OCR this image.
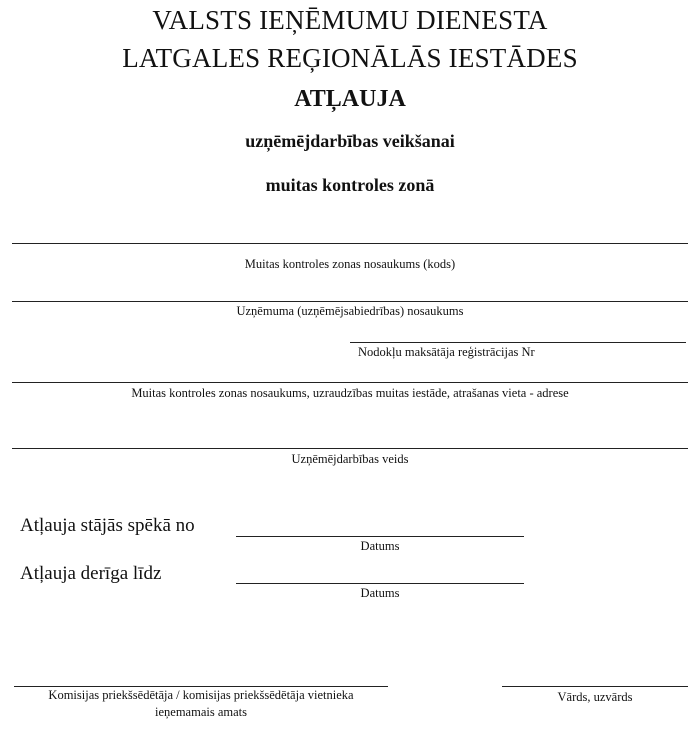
VALSTS IEŅĒMUMU DIENESTA
LATGALES REĢIONĀLĀS IESTĀDES
ATĻAUJA
uzņēmējdarbības veikšanai
muitas kontroles zonā
Muitas kontroles zonas nosaukums (kods)
Uzņēmuma (uzņēmējsabiedrības) nosaukums
Nodokļu maksātāja reģistrācijas Nr
Muitas kontroles zonas nosaukums, uzraudzības muitas iestāde, atrašanas vieta - adrese
Uzņēmējdarbības veids
Atļauja stājās spēkā no
Datums
Atļauja derīga līdz
Datums
Komisijas priekšsēdētāja / komisijas priekšsēdētāja vietnieka
ieņemamais amats
Vārds, uzvārds
